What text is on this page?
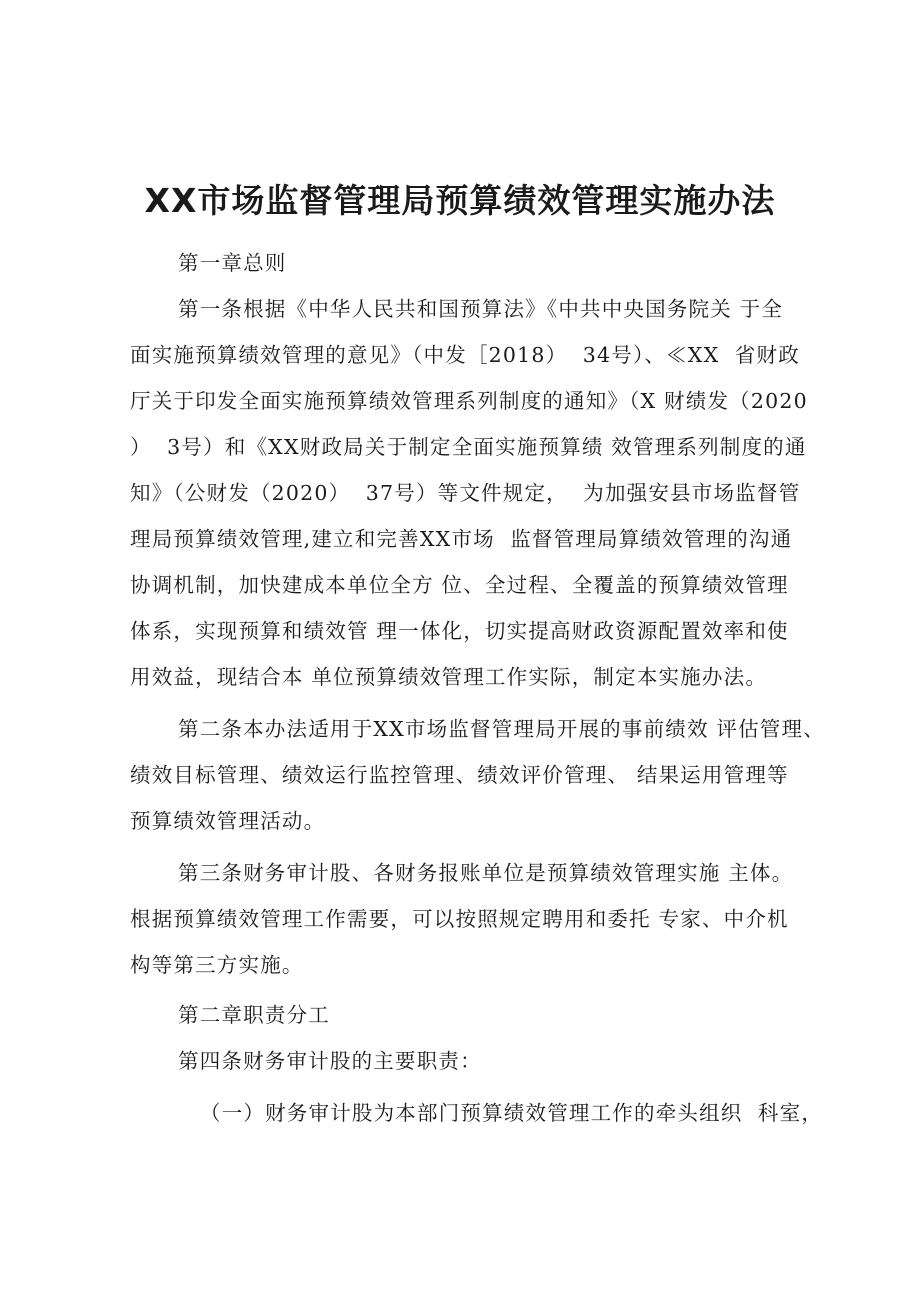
XX市场监督管理局预算绩效管理实施办法
第一章总则
第一条根据《中华人民共和国预算法》《中共中央国务院关 于全
面实施预算绩效管理的意见》（中发［2018）  34号）、≪XX  省财政
厅关于印发全面实施预算绩效管理系列制度的通知》（X 财绩发（2020
）  3号）和《XX财政局关于制定全面实施预算绩 效管理系列制度的通
知》（公财发（2020）  37号）等文件规定，  为加强安县市场监督管
理局预算绩效管理,建立和完善XX市场  监督管理局算绩效管理的沟通
协调机制，加快建成本单位全方 位、全过程、全覆盖的预算绩效管理
体系，实现预算和绩效管 理一体化，切实提高财政资源配置效率和使
用效益，现结合本 单位预算绩效管理工作实际，制定本实施办法。
第二条本办法适用于XX市场监督管理局开展的事前绩效 评估管理、
绩效目标管理、绩效运行监控管理、绩效评价管理、 结果运用管理等
预算绩效管理活动。
第三条财务审计股、各财务报账单位是预算绩效管理实施 主体。
根据预算绩效管理工作需要，可以按照规定聘用和委托 专家、中介机
构等第三方实施。
第二章职责分工
第四条财务审计股的主要职责：
（一）财务审计股为本部门预算绩效管理工作的牵头组织  科室，
